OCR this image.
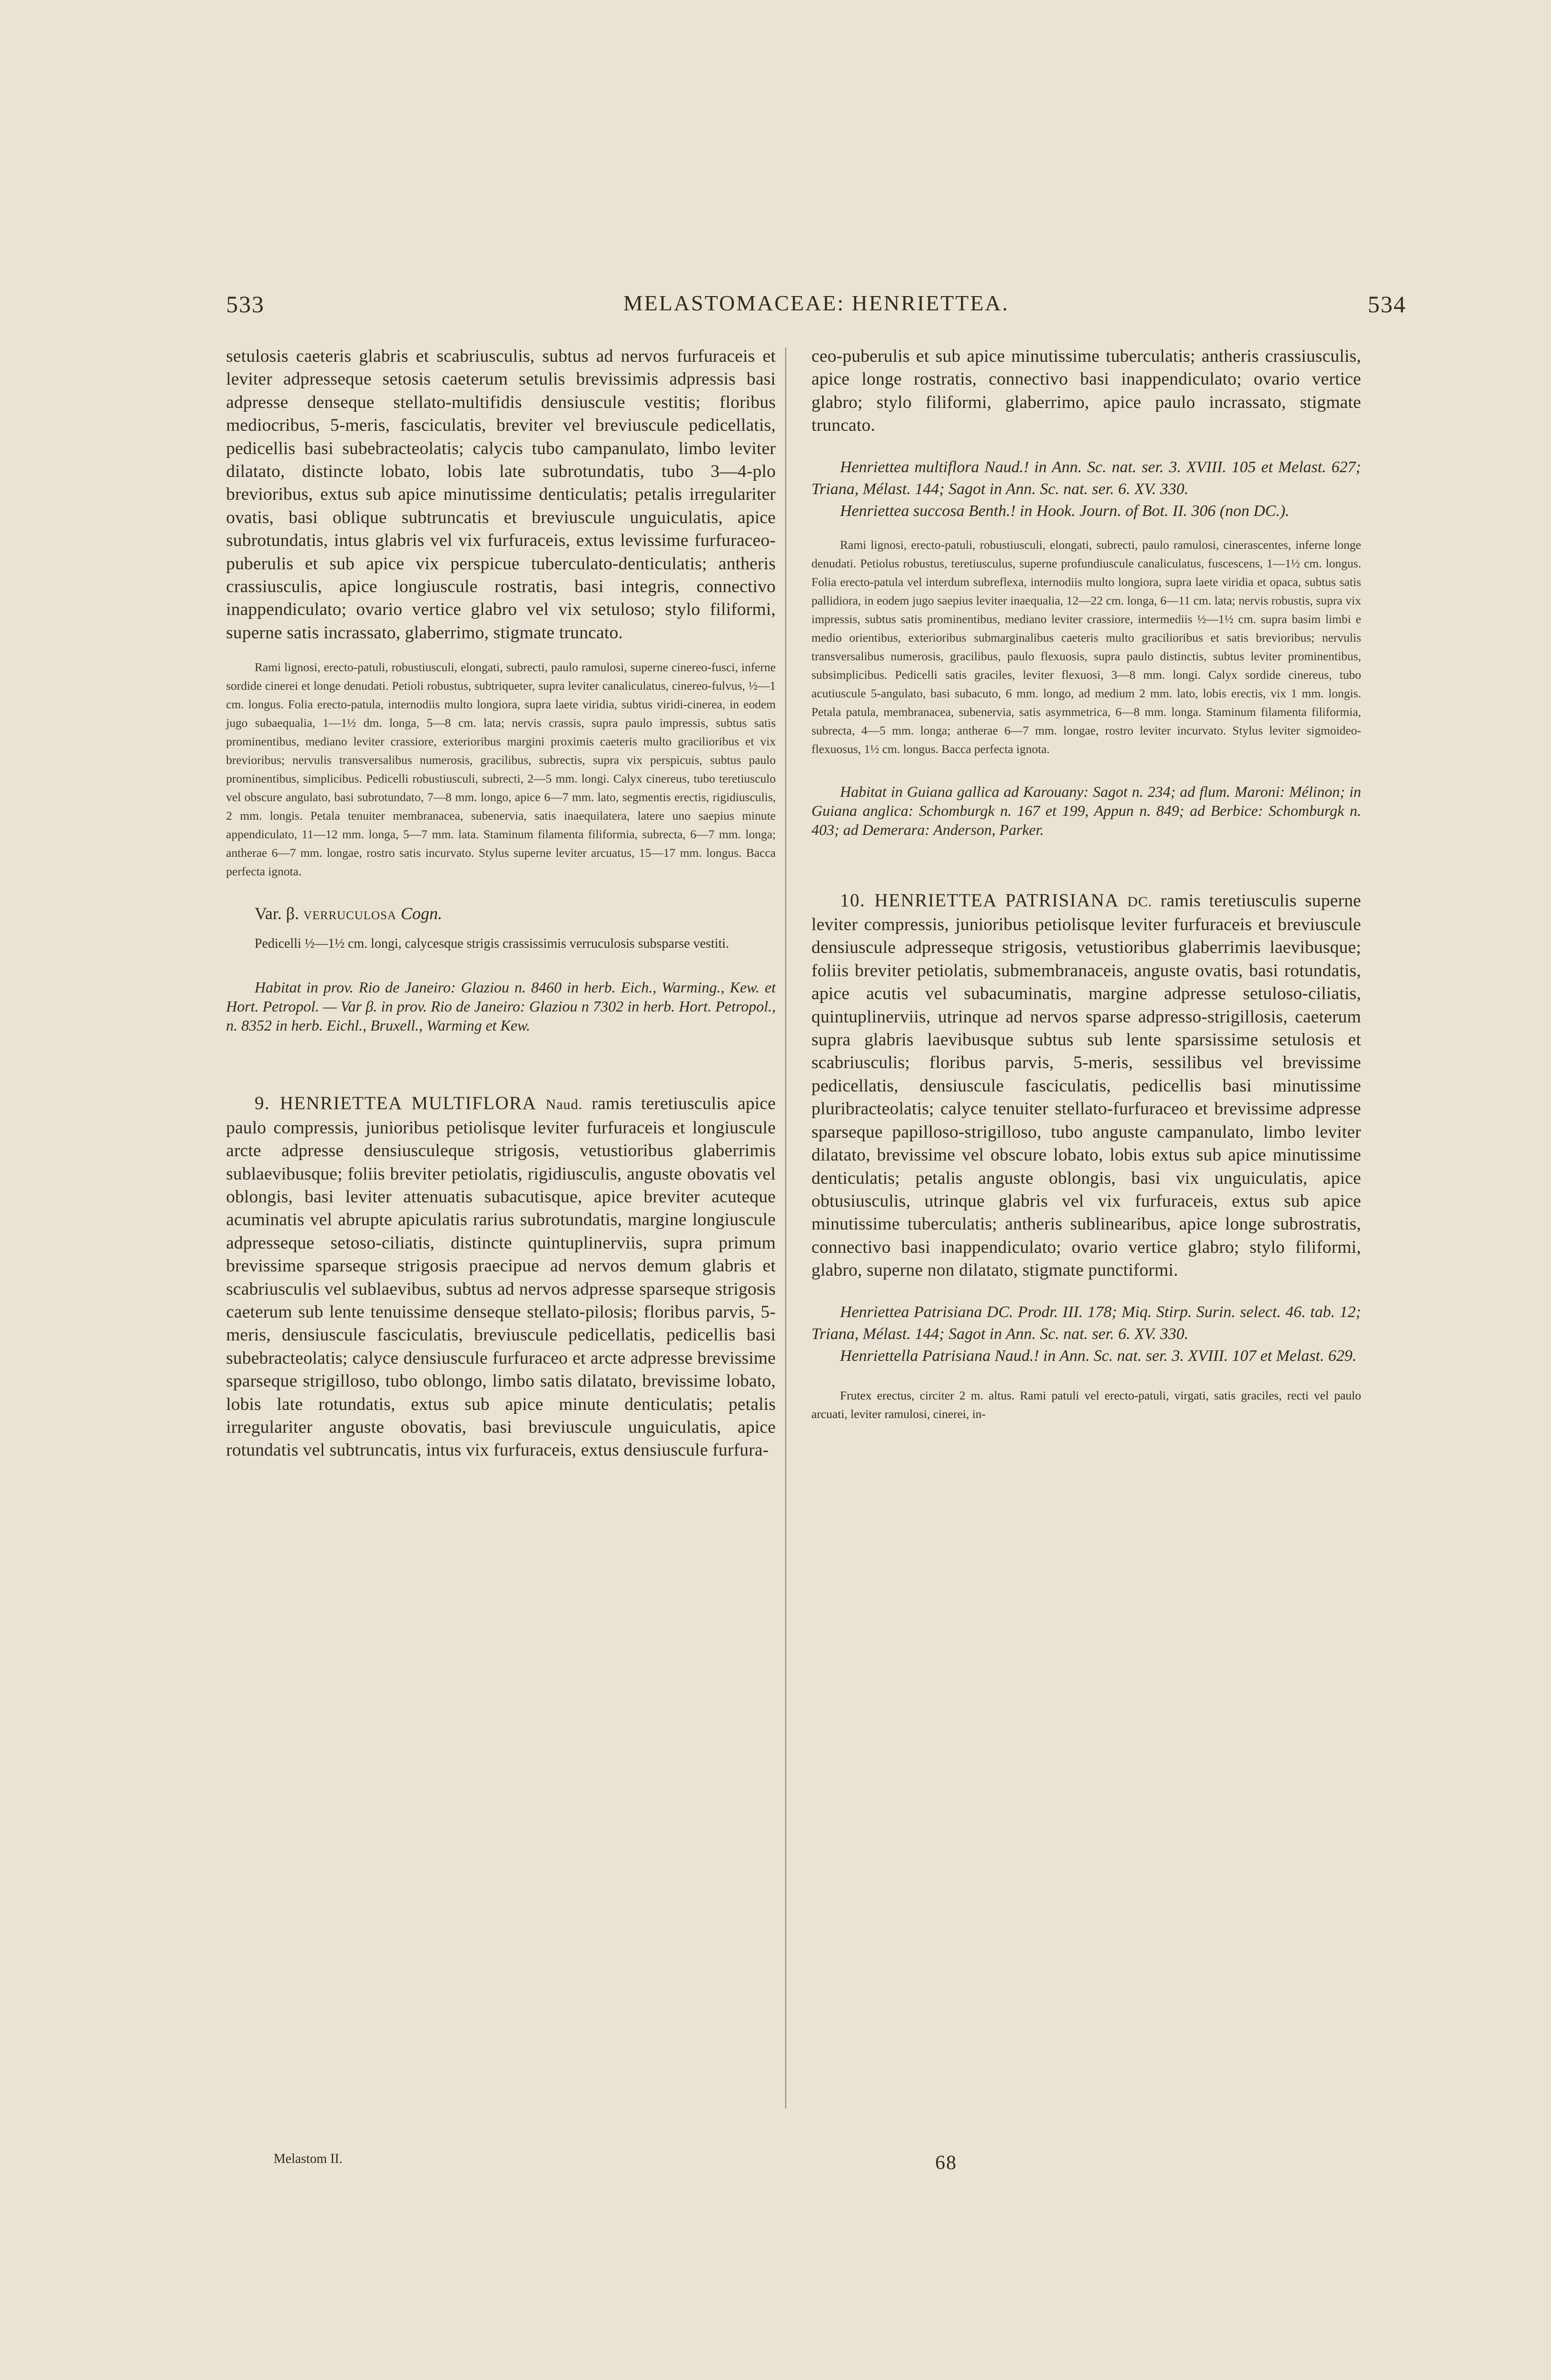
533	MELASTOMACEAE: HENRIETTEA.	534

setulosis caeteris glabris et scabriusculis, subtus ad nervos furfuraceis et leviter adpresseque setosis caeterum setulis brevissimis adpressis basi adpresse denseque stellato-multifidis densiuscule vestitis; floribus mediocribus, 5-meris, fasciculatis, breviter vel breviuscule pedicellatis, pedicellis basi subebracteolatis; calycis tubo campanulato, limbo leviter dilatato, distincte lobato, lobis late subrotundatis, tubo 3—4-plo brevioribus, extus sub apice minutissime denticulatis; petalis irregulariter ovatis, basi oblique subtruncatis et breviuscule unguiculatis, apice subrotundatis, intus glabris vel vix furfuraceis, extus levissime furfuraceo-puberulis et sub apice vix perspicue tuberculato-denticulatis; antheris crassiusculis, apice longiuscule rostratis, basi integris, connectivo inappendiculato; ovario vertice glabro vel vix setuloso; stylo filiformi, superne satis incrassato, glaberrimo, stigmate truncato.

Rami lignosi, erecto-patuli, robustiusculi, elongati, subrecti, paulo ramulosi, superne cinereo-fusci, inferne sordide cinerei et longe denudati. Petioli robustus, subtriqueter, supra leviter canaliculatus, cinereo-fulvus, ½—1 cm. longus. Folia erecto-patula, internodiis multo longiora, supra laete viridia, subtus viridi-cinerea, in eodem jugo subaequalia, 1—1½ dm. longa, 5—8 cm. lata; nervis crassis, supra paulo impressis, subtus satis prominentibus, mediano leviter crassiore, exterioribus margini proximis caeteris multo gracilioribus et vix brevioribus; nervulis transversalibus numerosis, gracilibus, subrectis, supra vix perspicuis, subtus paulo prominentibus, simplicibus. Pedicelli robustiusculi, subrecti, 2—5 mm. longi. Calyx cinereus, tubo teretiusculo vel obscure angulato, basi subrotundato, 7—8 mm. longo, apice 6—7 mm. lato, segmentis erectis, rigidiusculis, 2 mm. longis. Petala tenuiter membranacea, subenervia, satis inaequilatera, latere uno saepius minute appendiculato, 11—12 mm. longa, 5—7 mm. lata. Staminum filamenta filiformia, subrecta, 6—7 mm. longa; antherae 6—7 mm. longae, rostro satis incurvato. Stylus superne leviter arcuatus, 15—17 mm. longus. Bacca perfecta ignota.

Var. β. VERRUCULOSA Cogn.

Pedicelli ½—1½ cm. longi, calycesque strigis crassissimis verruculosis subsparse vestiti.

Habitat in prov. Rio de Janeiro: Glaziou n. 8460 in herb. Eich., Warming., Kew. et Hort. Petropol. — Var β. in prov. Rio de Janeiro: Glaziou n 7302 in herb. Hort. Petropol., n. 8352 in herb. Eichl., Bruxell., Warming et Kew.

9. HENRIETTEA MULTIFLORA Naud. ramis teretiusculis apice paulo compressis, junioribus petiolisque leviter furfuraceis et longiuscule arcte adpresse densiusculeque strigosis, vetustioribus glaberrimis sublaevibusque; foliis breviter petiolatis, rigidiusculis, anguste obovatis vel oblongis, basi leviter attenuatis subacutisque, apice breviter acuteque acuminatis vel abrupte apiculatis rarius subrotundatis, margine longiuscule adpresseque setoso-ciliatis, distincte quintuplinerviis, supra primum brevissime sparseque strigosis praecipue ad nervos demum glabris et scabriusculis vel sublaevibus, subtus ad nervos adpresse sparseque strigosis caeterum sub lente tenuissime denseque stellato-pilosis; floribus parvis, 5-meris, densiuscule fasciculatis, breviuscule pedicellatis, pedicellis basi subebracteolatis; calyce densiuscule furfuraceo et arcte adpresse brevissime sparseque strigilloso, tubo oblongo, limbo satis dilatato, brevissime lobato, lobis late rotundatis, extus sub apice minute denticulatis; petalis irregulariter anguste obovatis, basi breviuscule unguiculatis, apice rotundatis vel subtruncatis, intus vix furfuraceis, extus densiuscule furfura-

Melastom II.

ceo-puberulis et sub apice minutissime tuberculatis; antheris crassiusculis, apice longe rostratis, connectivo basi inappendiculato; ovario vertice glabro; stylo filiformi, glaberrimo, apice paulo incrassato, stigmate truncato.

Henriettea multiflora Naud.! in Ann. Sc. nat. ser. 3. XVIII. 105 et Melast. 627; Triana, Mélast. 144; Sagot in Ann. Sc. nat. ser. 6. XV. 330.

Henriettea succosa Benth.! in Hook. Journ. of Bot. II. 306 (non DC.).

Rami lignosi, erecto-patuli, robustiusculi, elongati, subrecti, paulo ramulosi, cinerascentes, inferne longe denudati. Petiolus robustus, teretiusculus, superne profundiuscule canaliculatus, fuscescens, 1—1½ cm. longus. Folia erecto-patula vel interdum subreflexa, internodiis multo longiora, supra laete viridia et opaca, subtus satis pallidiora, in eodem jugo saepius leviter inaequalia, 12—22 cm. longa, 6—11 cm. lata; nervis robustis, supra vix impressis, subtus satis prominentibus, mediano leviter crassiore, intermediis ½—1½ cm. supra basim limbi e medio orientibus, exterioribus submarginalibus caeteris multo gracilioribus et satis brevioribus; nervulis transversalibus numerosis, gracilibus, paulo flexuosis, supra paulo distinctis, subtus leviter prominentibus, subsimplicibus. Pedicelli satis graciles, leviter flexuosi, 3—8 mm. longi. Calyx sordide cinereus, tubo acutiuscule 5-angulato, basi subacuto, 6 mm. longo, ad medium 2 mm. lato, lobis erectis, vix 1 mm. longis. Petala patula, membranacea, subenervia, satis asymmetrica, 6—8 mm. longa. Staminum filamenta filiformia, subrecta, 4—5 mm. longa; antherae 6—7 mm. longae, rostro leviter incurvato. Stylus leviter sigmoideo-flexuosus, 1½ cm. longus. Bacca perfecta ignota.

Habitat in Guiana gallica ad Karouany: Sagot n. 234; ad flum. Maroni: Mélinon; in Guiana anglica: Schomburgk n. 167 et 199, Appun n. 849; ad Berbice: Schomburgk n. 403; ad Demerara: Anderson, Parker.

10. HENRIETTEA PATRISIANA DC. ramis teretiusculis superne leviter compressis, junioribus petiolisque leviter furfuraceis et breviuscule densiuscule adpresseque strigosis, vetustioribus glaberrimis laevibusque; foliis breviter petiolatis, submembranaceis, anguste ovatis, basi rotundatis, apice acutis vel subacuminatis, margine adpresse setuloso-ciliatis, quintuplinerviis, utrinque ad nervos sparse adpresso-strigillosis, caeterum supra glabris laevibusque subtus sub lente sparsissime setulosis et scabriusculis; floribus parvis, 5-meris, sessilibus vel brevissime pedicellatis, densiuscule fasciculatis, pedicellis basi minutissime pluribracteolatis; calyce tenuiter stellato-furfuraceo et brevissime adpresse sparseque papilloso-strigilloso, tubo anguste campanulato, limbo leviter dilatato, brevissime vel obscure lobato, lobis extus sub apice minutissime denticulatis; petalis anguste oblongis, basi vix unguiculatis, apice obtusiusculis, utrinque glabris vel vix furfuraceis, extus sub apice minutissime tuberculatis; antheris sublinearibus, apice longe subrostratis, connectivo basi inappendiculato; ovario vertice glabro; stylo filiformi, glabro, superne non dilatato, stigmate punctiformi.

Henriettea Patrisiana DC. Prodr. III. 178; Miq. Stirp. Surin. select. 46. tab. 12; Triana, Mélast. 144; Sagot in Ann. Sc. nat. ser. 6. XV. 330.

Henriettella Patrisiana Naud.! in Ann. Sc. nat. ser. 3. XVIII. 107 et Melast. 629.

Frutex erectus, circiter 2 m. altus. Rami patuli vel erecto-patuli, virgati, satis graciles, recti vel paulo arcuati, leviter ramulosi, cinerei, in-

68
